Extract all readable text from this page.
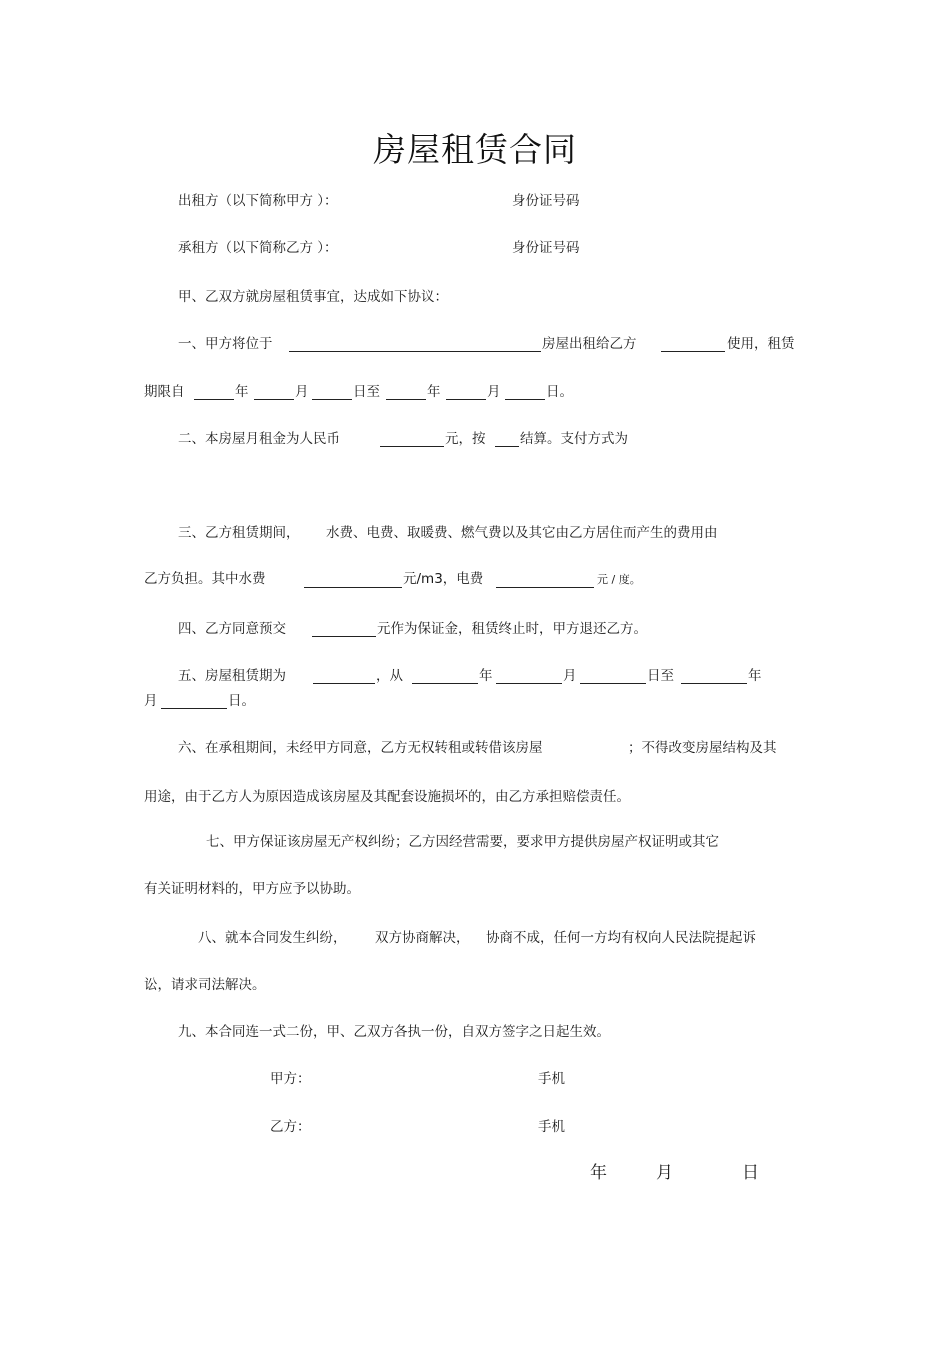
房屋租赁合同
出租方（以下简称甲方 ）：	身份证号码
承租方（以下简称乙方 ）：	身份证号码
甲、乙双方就房屋租赁事宜，达成如下协议：
一、甲方将位于	房屋出租给乙方	使用，租赁
期限自	年	月	日至	年	月	日。
二、本房屋月租金为人民币	元，按	结算。支付方式为
三、乙方租赁期间， 水费、电费、取暖费、燃气费以及其它由乙方居住而产生的费用由
乙方负担。其中水费	元/m3，电费	元 / 度。
四、乙方同意预交	元作为保证金，租赁终止时，甲方退还乙方。
五、房屋租赁期为	，从	年	月	日至	年
月	日。
六、在承租期间，未经甲方同意，乙方无权转租或转借该房屋	；不得改变房屋结构及其
用途，由于乙方人为原因造成该房屋及其配套设施损坏的，由乙方承担赔偿责任。
七、甲方保证该房屋无产权纠纷；乙方因经营需要，要求甲方提供房屋产权证明或其它
有关证明材料的，甲方应予以协助。
八、就本合同发生纠纷， 双方协商解决， 协商不成，任何一方均有权向人民法院提起诉
讼，请求司法解决。
九、本合同连一式二份，甲、乙双方各执一份，自双方签字之日起生效。
甲方：	手机
乙方：	手机
年	月	日
